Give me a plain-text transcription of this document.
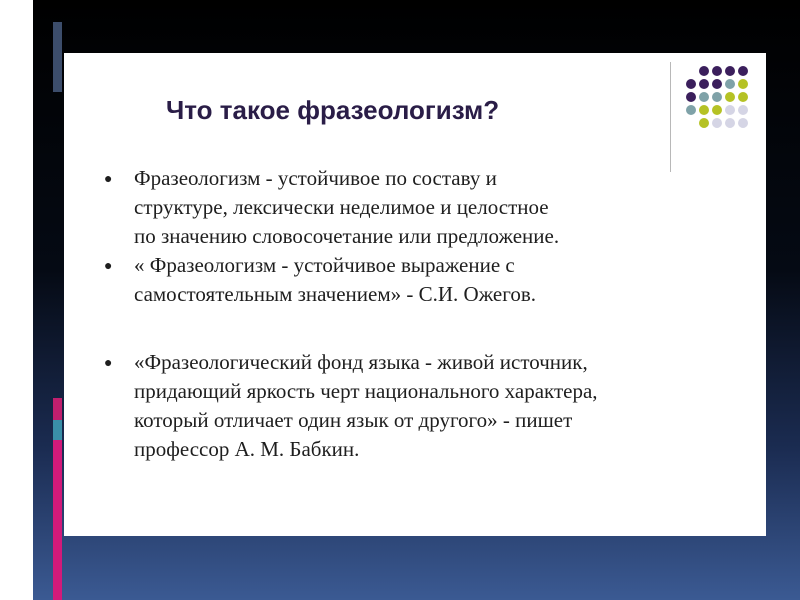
Что такое фразеологизм?
● Фразеологизм - устойчивое по составу и
структуре, лексически неделимое и целостное
по значению словосочетание или предложение.
● « Фразеологизм - устойчивое выражение с
самостоятельным значением» - С.И. Ожегов.
● «Фразеологический фонд языка - живой источник,
придающий яркость черт национального характера,
который отличает один язык от другого» - пишет
профессор А. М. Бабкин.
